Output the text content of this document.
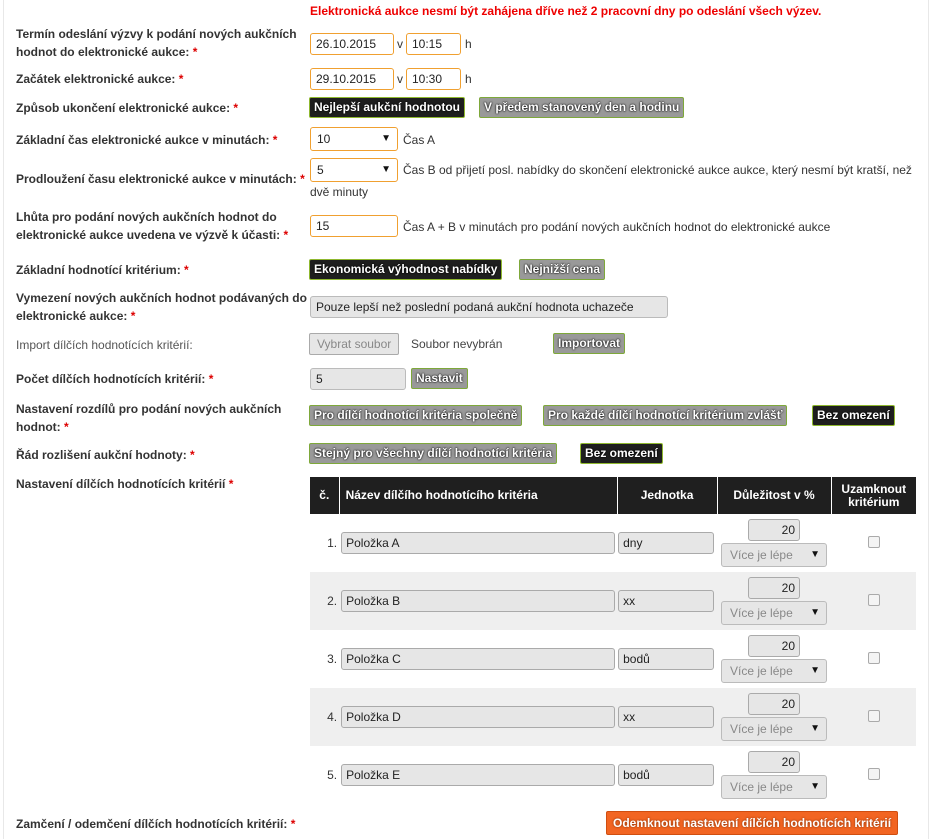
Elektronická aukce nesmí být zahájena dříve než 2 pracovní dny po odeslání všech výzev.
Termín odeslání výzvy k podání nových aukčních
hodnot do elektronické aukce: *
26.10.2015	v 10:15	h
Začátek elektronické aukce: *	29.10.2015	v 10:30	h
Způsob ukončení elektronické aukce: *	Nejlepší aukční hodnotou	V předem stanovený den a hodinu
Základní čas elektronické aukce v minutách: *	10	▼ Čas A
Prodloužení času elektronické aukce v minutách: *
5	▼ Čas B od přijetí posl. nabídky do skončení elektronické aukce aukce, který nesmí být kratší, než
dvě minuty
Lhůta pro podání nových aukčních hodnot do
elektronické aukce uvedena ve výzvě k účasti: *
15	Čas A + B v minutách pro podání nových aukčních hodnot do elektronické aukce
Základní hodnotící kritérium: *	Ekonomická výhodnost nabídky	Nejnižší cena
Vymezení nových aukčních hodnot podávaných do
elektronické aukce: *
Pouze lepší než poslední podaná aukční hodnota uchazeče
Import dílčích hodnotících kritérií:	Vybrat soubor	Soubor nevybrán	Importovat
Počet dílčích hodnotících kritérií: *	5	Nastavit
Nastavení rozdílů pro podání nových aukčních
hodnot: *
Pro dílčí hodnotící kritéria společně	Pro každé dílčí hodnotící kritérium zvlášť	Bez omezení
Řád rozlišení aukční hodnoty: *	Stejný pro všechny dílčí hodnotící kritéria	Bez omezení
Nastavení dílčích hodnotících kritérií *
č.	Název dílčího hodnotícího kritéria	Jednotka	Důležitost v %	Uzamknout
kritérium
1.	Položka A	dny	20
Více je lépe ▼	

2.	Položka B	xx	20
Více je lépe ▼	

3.	Položka C	bodů	20
Více je lépe ▼	

4.	Položka D	xx	20
Více je lépe ▼	

5.	Položka E	bodů	20
Více je lépe ▼	

Zamčení / odemčení dílčích hodnotících kritérií: *	Odemknout nastavení dílčích hodnotících kritérií
